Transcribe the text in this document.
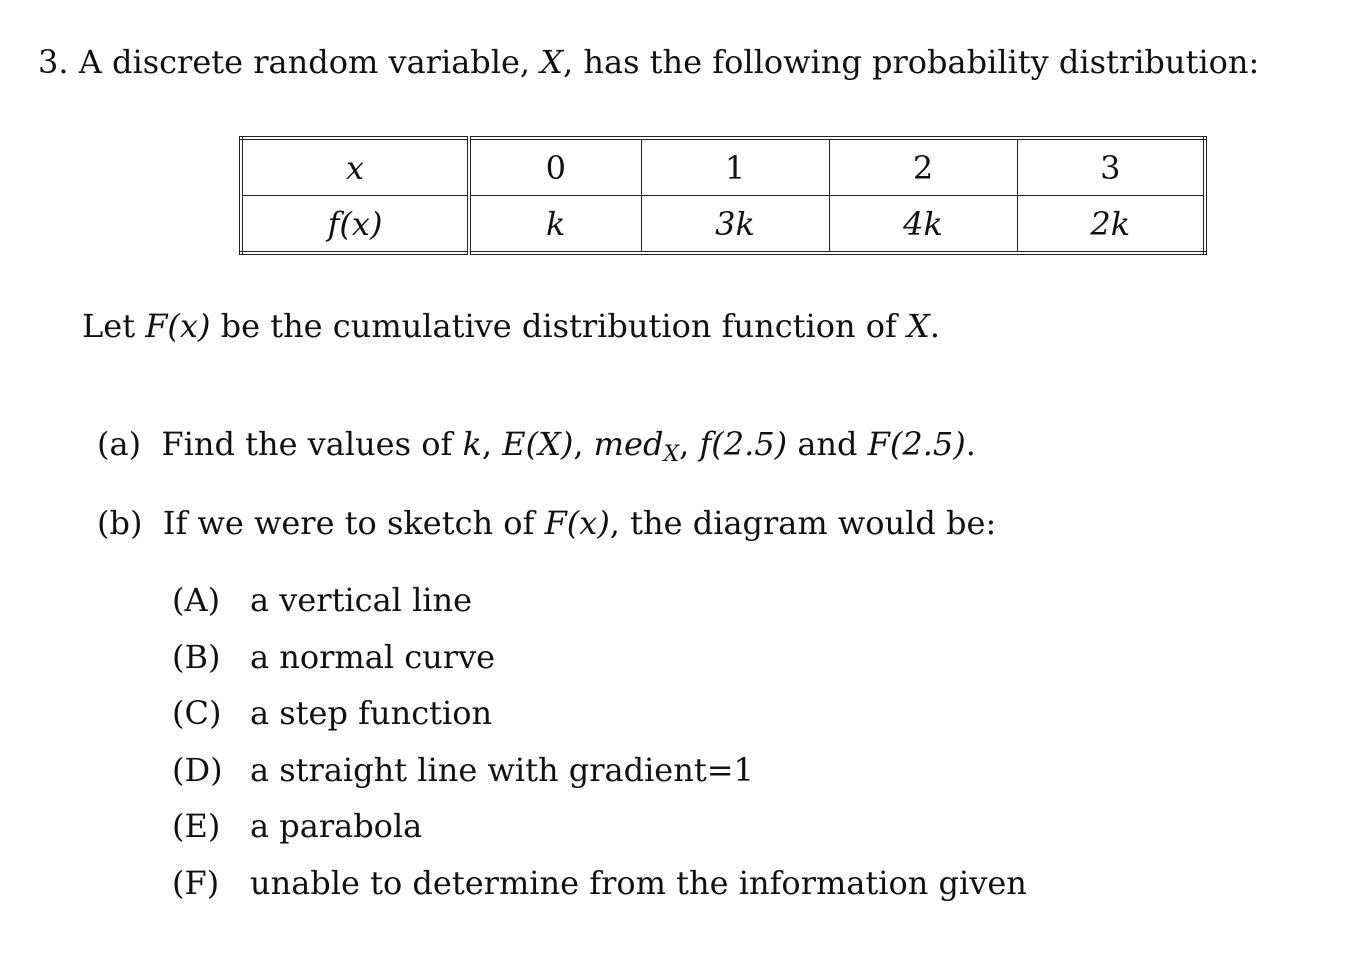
3. A discrete random variable, X, has the following probability distribution:
x	0	1	2	3
f(x)	k	3k	4k	2k
Let F(x) be the cumulative distribution function of X.
(a) Find the values of k, E(X), med$_X$, f(2.5) and F(2.5).
(b) If we were to sketch of F(x), the diagram would be:
(A) a vertical line
(B) a normal curve
(C) a step function
(D) a straight line with gradient=1
(E) a parabola
(F) unable to determine from the information given
